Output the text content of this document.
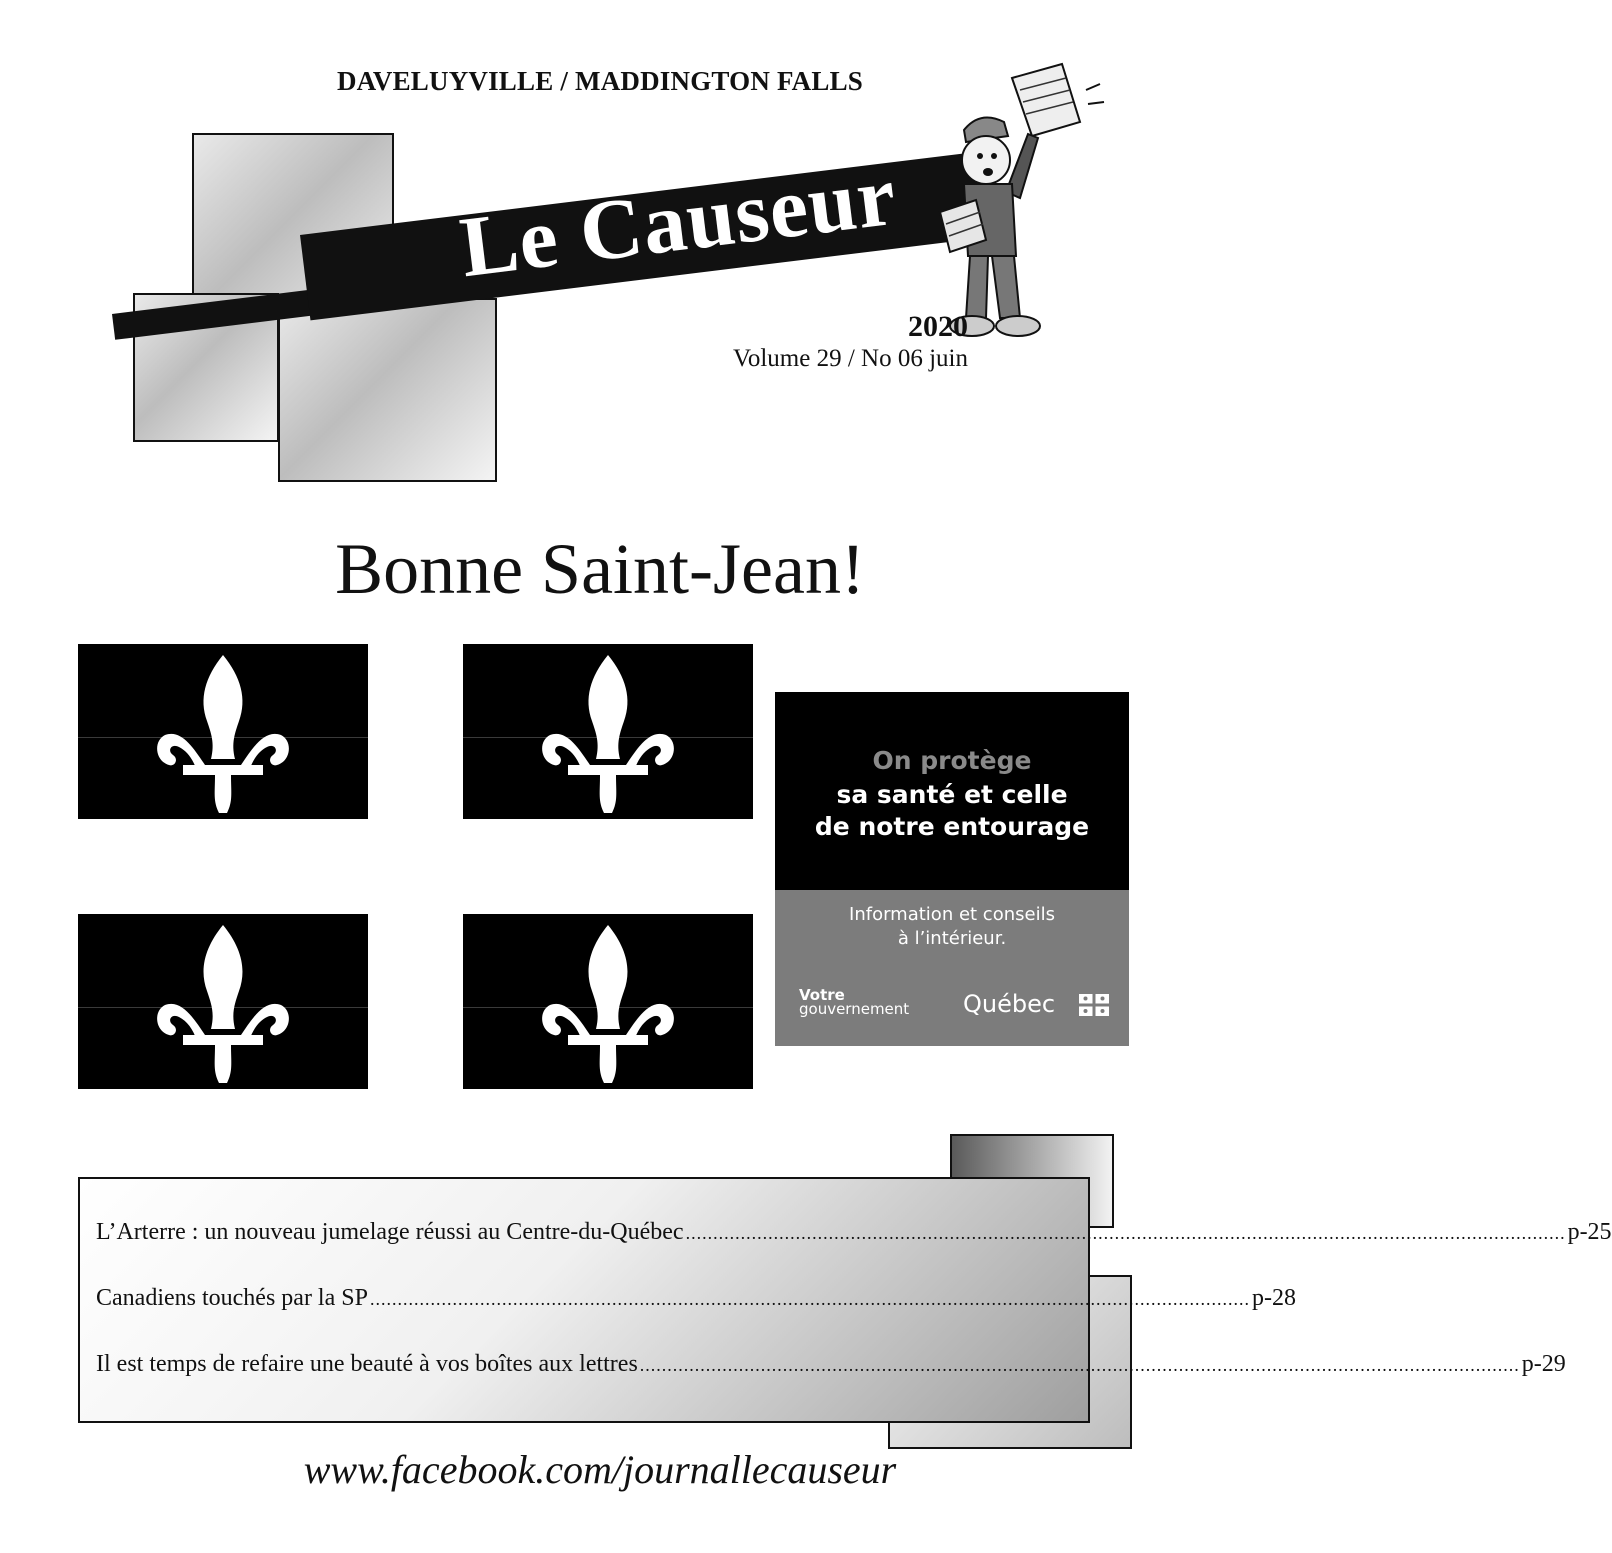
DAVELUYVILLE / MADDINGTON FALLS
Le Causeur
2020
Volume 29 / No 06 juin
Bonne Saint-Jean!
On protège
sa santé et celle
de notre entourage
Information et conseils
à l’intérieur.
Votre
gouvernement Québec
L’Arterre : un nouveau jumelage réussi au Centre-du-Québec ................................................................................................................................................................ p-25
Canadiens touchés par la SP ................................................................................................................................................................ p-28
Il est temps de refaire une beauté à vos boîtes aux lettres ................................................................................................................................................................ p-29
www.facebook.com/journallecauseur
